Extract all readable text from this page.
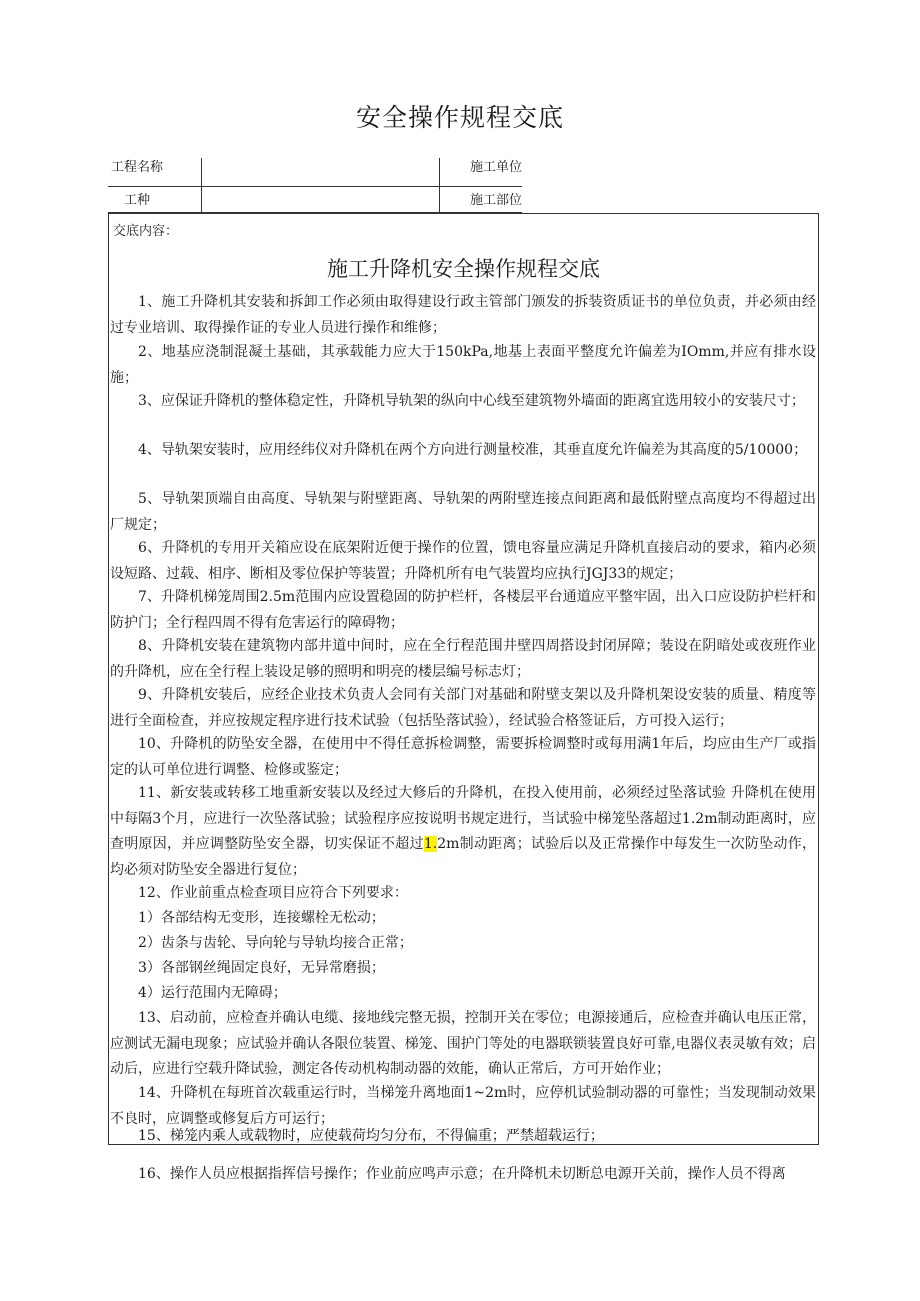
安全操作规程交底
工程名称	施工单位
工种	施工部位
交底内容：
施工升降机安全操作规程交底
1、施工升降机其安装和拆卸工作必须由取得建设行政主管部门颁发的拆装资质证书的单位负责，并必须由经过专业培训、取得操作证的专业人员进行操作和维修；
2、地基应浇制混凝土基础，其承载能力应大于150kPa,地基上表面平整度允许偏差为IOmm,并应有排水设施；
3、应保证升降机的整体稳定性，升降机导轨架的纵向中心线至建筑物外墙面的距离宜选用较小的安装尺寸；
4、导轨架安装时，应用经纬仪对升降机在两个方向进行测量校准，其垂直度允许偏差为其高度的5/10000；
5、导轨架顶端自由高度、导轨架与附壁距离、导轨架的两附壁连接点间距离和最低附壁点高度均不得超过出厂规定；
6、升降机的专用开关箱应设在底架附近便于操作的位置，馈电容量应满足升降机直接启动的要求，箱内必须设短路、过载、相序、断相及零位保护等装置；升降机所有电气装置均应执行JGJ33的规定；
7、升降机梯笼周围2.5m范围内应设置稳固的防护栏杆，各楼层平台通道应平整牢固，出入口应设防护栏杆和防护门；全行程四周不得有危害运行的障碍物；
8、升降机安装在建筑物内部井道中间时，应在全行程范围井壁四周搭设封闭屏障；装设在阴暗处或夜班作业的升降机，应在全行程上装设足够的照明和明亮的楼层编号标志灯；
9、升降机安装后，应经企业技术负责人会同有关部门对基础和附壁支架以及升降机架设安装的质量、精度等进行全面检查，并应按规定程序进行技术试验（包括坠落试验），经试验合格签证后，方可投入运行；
10、升降机的防坠安全器，在使用中不得任意拆检调整，需要拆检调整时或每用满1年后，均应由生产厂或指定的认可单位进行调整、检修或鉴定；
11、新安装或转移工地重新安装以及经过大修后的升降机，在投入使用前，必须经过坠落试验 升降机在使用中每隔3个月，应进行一次坠落试验；试验程序应按说明书规定进行，当试验中梯笼坠落超过1.2m制动距离时，应查明原因，并应调整防坠安全器，切实保证不超过1.2m制动距离；试验后以及正常操作中每发生一次防坠动作，均必须对防坠安全器进行复位；
12、作业前重点检查项目应符合下列要求：
1）各部结构无变形，连接螺栓无松动；
2）齿条与齿轮、导向轮与导轨均接合正常；
3）各部钢丝绳固定良好，无异常磨损；
4）运行范围内无障碍；
13、启动前，应检查并确认电缆、接地线完整无损，控制开关在零位；电源接通后，应检查并确认电压正常，应测试无漏电现象；应试验并确认各限位装置、梯笼、围护门等处的电器联锁装置良好可靠,电器仪表灵敏有效；启动后，应进行空载升降试验，测定各传动机构制动器的效能，确认正常后，方可开始作业；
14、升降机在每班首次载重运行时，当梯笼升离地面1~2m时，应停机试验制动器的可靠性；当发现制动效果不良时，应调整或修复后方可运行；
15、梯笼内乘人或载物时，应使载荷均匀分布，不得偏重；严禁超载运行；
16、操作人员应根据指挥信号操作；作业前应鸣声示意；在升降机未切断总电源开关前，操作人员不得离
